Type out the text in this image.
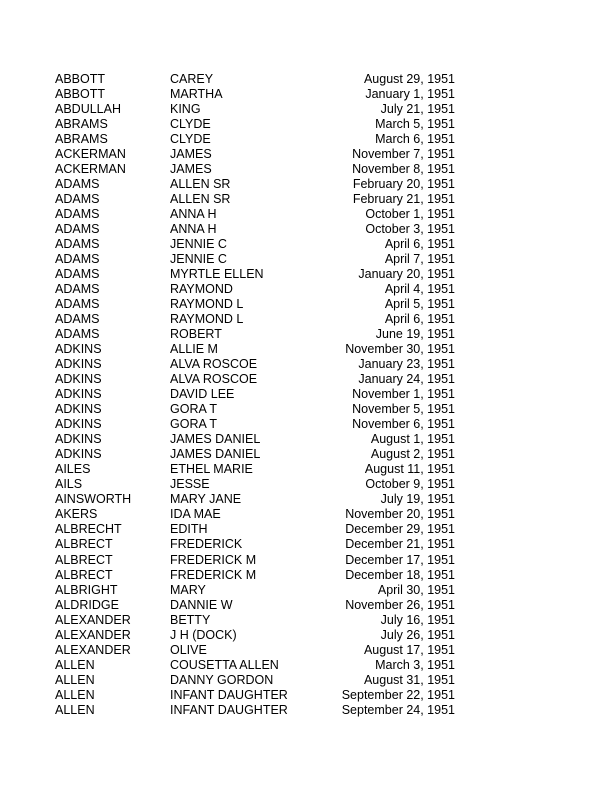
ABBOTT	CAREY	August 29, 1951
ABBOTT	MARTHA	January 1, 1951
ABDULLAH	KING	July 21, 1951
ABRAMS	CLYDE	March 5, 1951
ABRAMS	CLYDE	March 6, 1951
ACKERMAN	JAMES	November 7, 1951
ACKERMAN	JAMES	November 8, 1951
ADAMS	ALLEN SR	February 20, 1951
ADAMS	ALLEN SR	February 21, 1951
ADAMS	ANNA H	October 1, 1951
ADAMS	ANNA H	October 3, 1951
ADAMS	JENNIE C	April 6, 1951
ADAMS	JENNIE C	April 7, 1951
ADAMS	MYRTLE ELLEN	January 20, 1951
ADAMS	RAYMOND	April 4, 1951
ADAMS	RAYMOND L	April 5, 1951
ADAMS	RAYMOND L	April 6, 1951
ADAMS	ROBERT	June 19, 1951
ADKINS	ALLIE M	November 30, 1951
ADKINS	ALVA ROSCOE	January 23, 1951
ADKINS	ALVA ROSCOE	January 24, 1951
ADKINS	DAVID LEE	November 1, 1951
ADKINS	GORA T	November 5, 1951
ADKINS	GORA T	November 6, 1951
ADKINS	JAMES DANIEL	August 1, 1951
ADKINS	JAMES DANIEL	August 2, 1951
AILES	ETHEL MARIE	August 11, 1951
AILS	JESSE	October 9, 1951
AINSWORTH	MARY JANE	July 19, 1951
AKERS	IDA MAE	November 20, 1951
ALBRECHT	EDITH	December 29, 1951
ALBRECT	FREDERICK	December 21, 1951
ALBRECT	FREDERICK M	December 17, 1951
ALBRECT	FREDERICK M	December 18, 1951
ALBRIGHT	MARY	April 30, 1951
ALDRIDGE	DANNIE W	November 26, 1951
ALEXANDER	BETTY	July 16, 1951
ALEXANDER	J H (DOCK)	July 26, 1951
ALEXANDER	OLIVE	August 17, 1951
ALLEN	COUSETTA ALLEN	March 3, 1951
ALLEN	DANNY GORDON	August 31, 1951
ALLEN	INFANT DAUGHTER	September 22, 1951
ALLEN	INFANT DAUGHTER	September 24, 1951
